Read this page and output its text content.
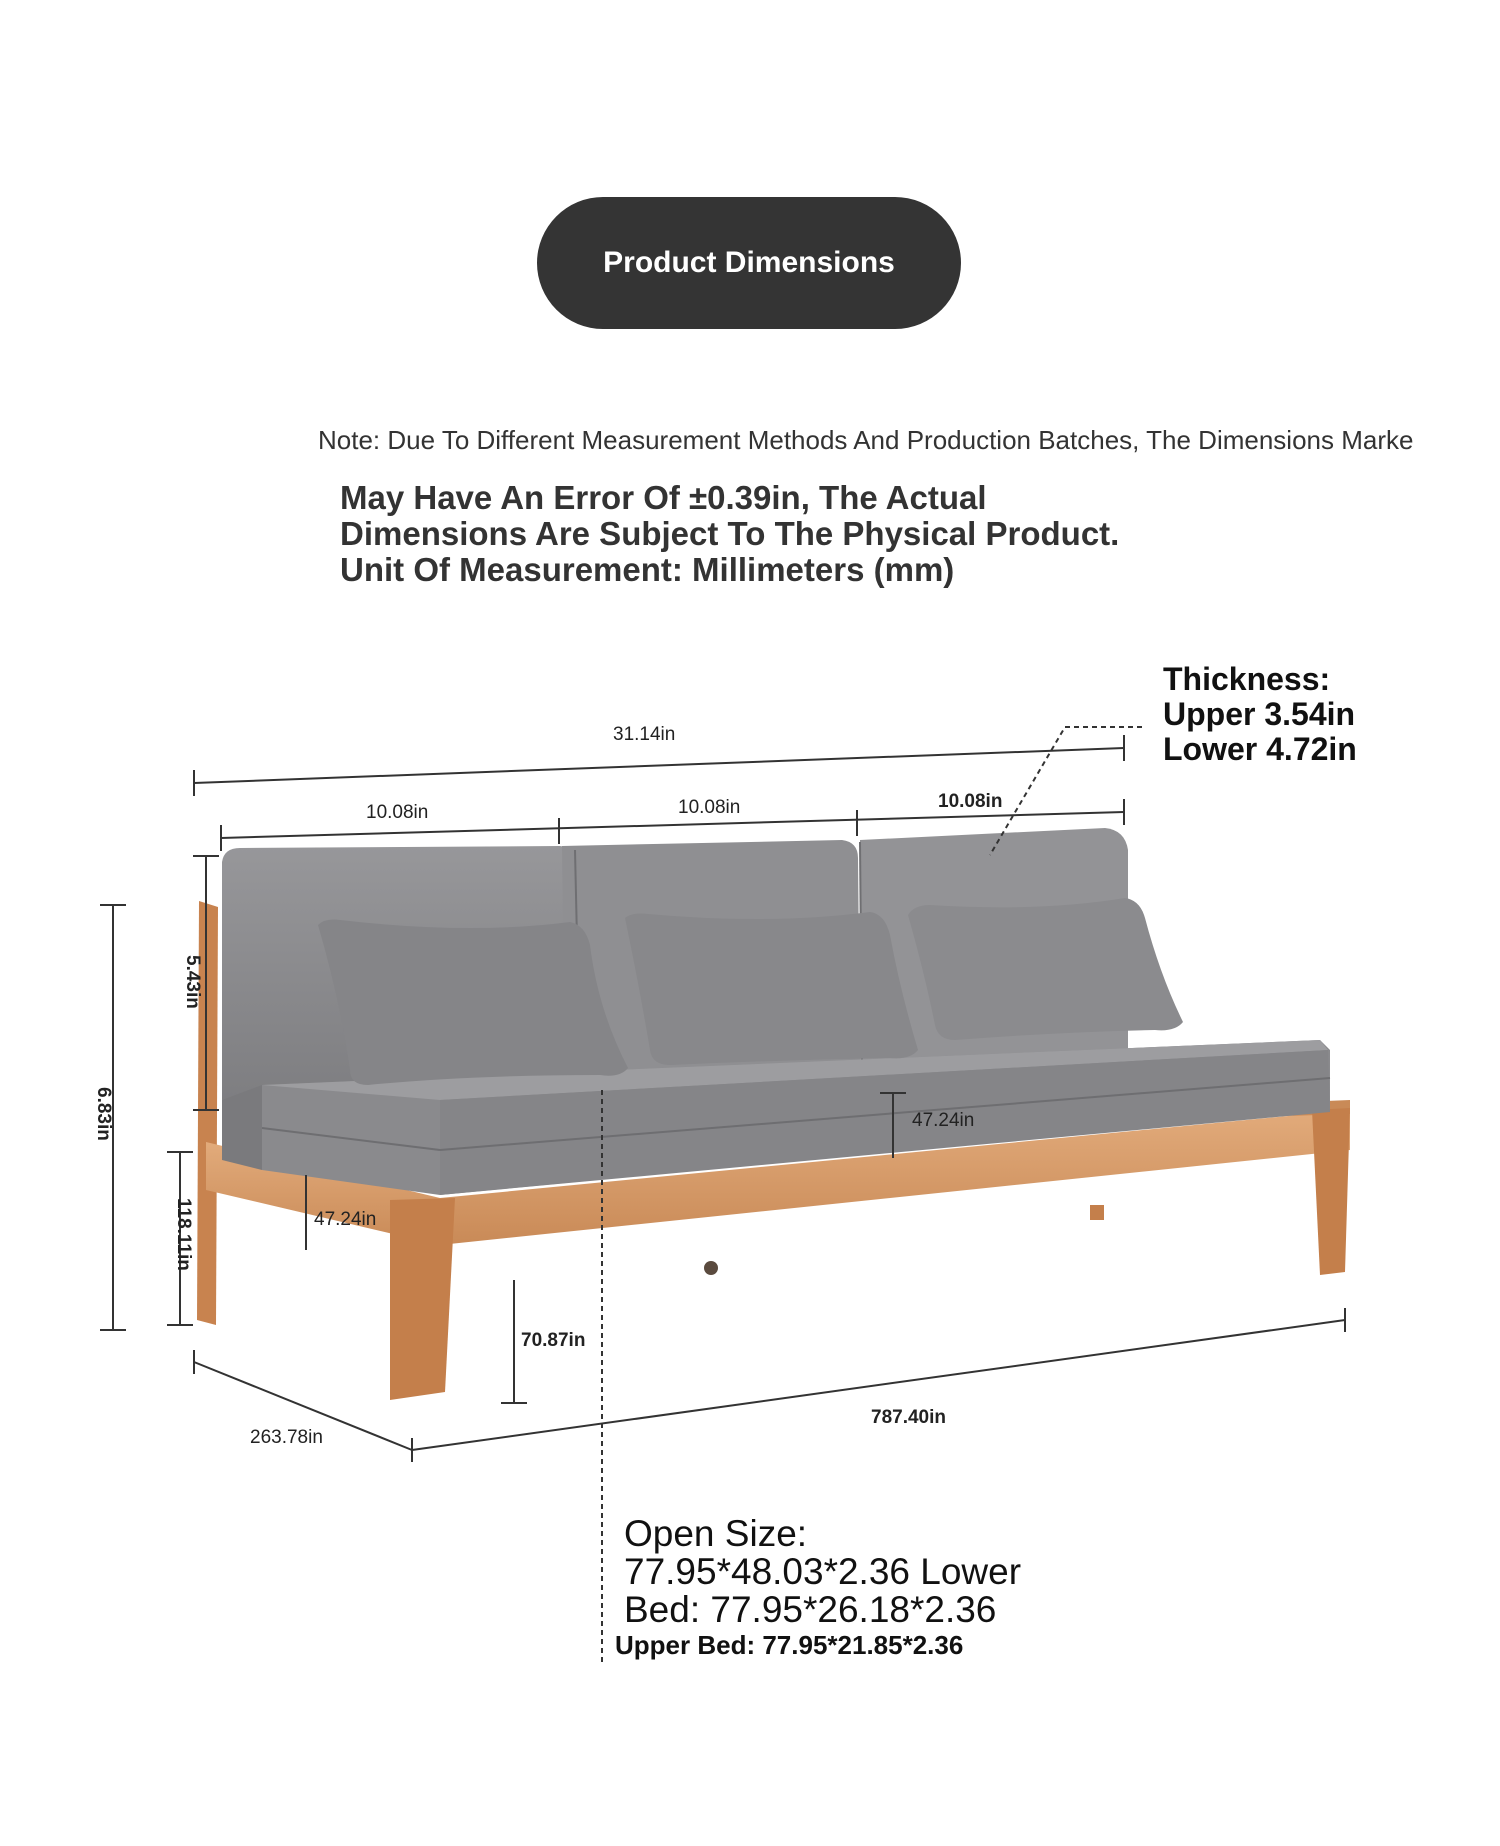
Product Dimensions
Note: Due To Different Measurement Methods And Production Batches, The Dimensions Marke
May Have An Error Of ±0.39in, The Actual
Dimensions Are Subject To The Physical Product.
Unit Of Measurement: Millimeters (mm)
31.14in
10.08in	10.08in	10.08in
5.43in
6.83in
118.11in	47.24in
47.24in
70.87in
263.78in
787.40in
Thickness:
Upper 3.54in
Lower 4.72in
Open Size:
77.95*48.03*2.36 Lower
Bed: 77.95*26.18*2.36
Upper Bed: 77.95*21.85*2.36
